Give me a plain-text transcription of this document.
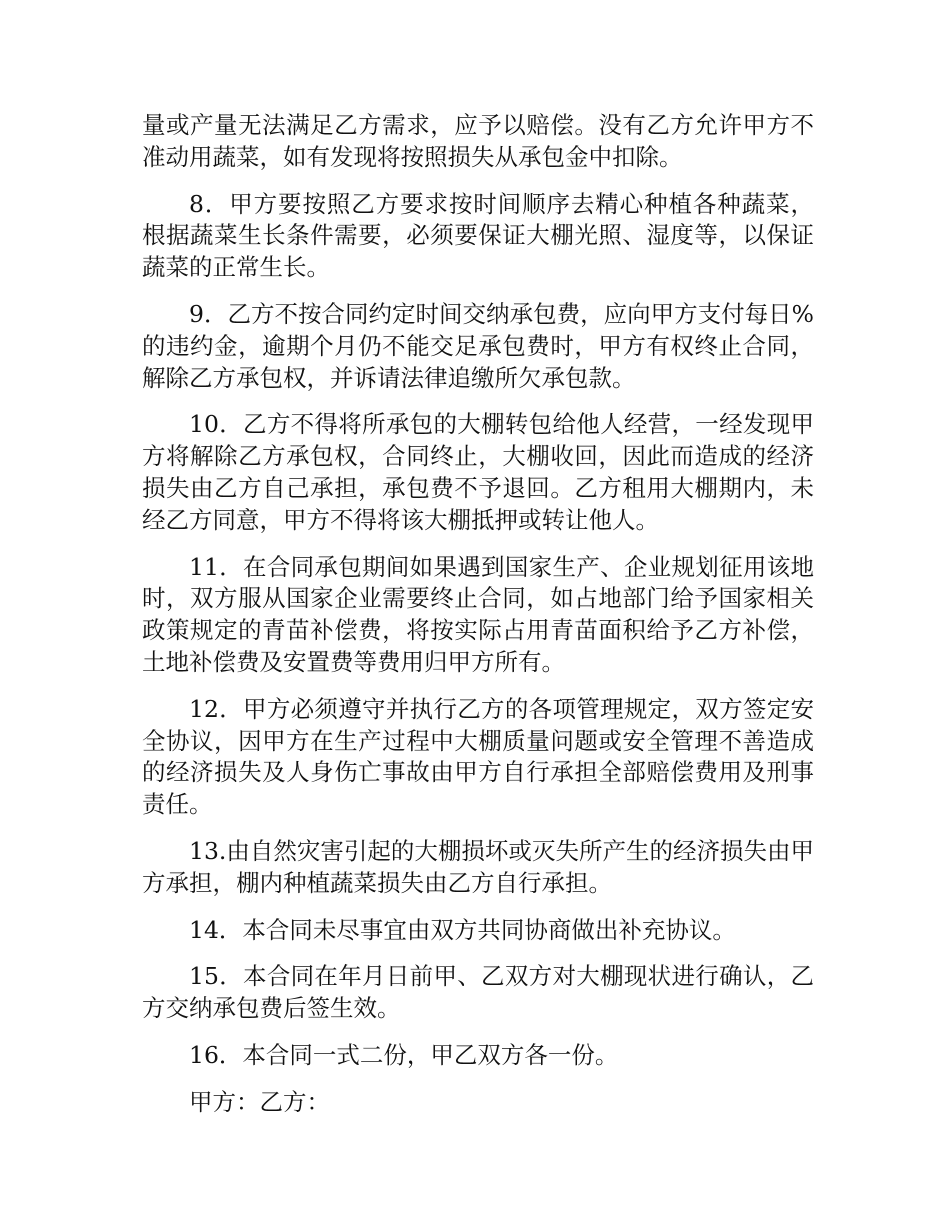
量或产量无法满足乙方需求，应予以赔偿。没有乙方允许甲方不准动用蔬菜，如有发现将按照损失从承包金中扣除。

8．甲方要按照乙方要求按时间顺序去精心种植各种蔬菜，根据蔬菜生长条件需要，必须要保证大棚光照、湿度等，以保证蔬菜的正常生长。

9．乙方不按合同约定时间交纳承包费，应向甲方支付每日%的违约金，逾期个月仍不能交足承包费时，甲方有权终止合同，解除乙方承包权，并诉请法律追缴所欠承包款。

10．乙方不得将所承包的大棚转包给他人经营，一经发现甲方将解除乙方承包权，合同终止，大棚收回，因此而造成的经济损失由乙方自己承担，承包费不予退回。乙方租用大棚期内，未经乙方同意，甲方不得将该大棚抵押或转让他人。

11．在合同承包期间如果遇到国家生产、企业规划征用该地时，双方服从国家企业需要终止合同，如占地部门给予国家相关政策规定的青苗补偿费，将按实际占用青苗面积给予乙方补偿，土地补偿费及安置费等费用归甲方所有。

12．甲方必须遵守并执行乙方的各项管理规定，双方签定安全协议，因甲方在生产过程中大棚质量问题或安全管理不善造成的经济损失及人身伤亡事故由甲方自行承担全部赔偿费用及刑事责任。

13.由自然灾害引起的大棚损坏或灭失所产生的经济损失由甲方承担，棚内种植蔬菜损失由乙方自行承担。

14．本合同未尽事宜由双方共同协商做出补充协议。

15．本合同在年月日前甲、乙双方对大棚现状进行确认，乙方交纳承包费后签生效。

16．本合同一式二份，甲乙双方各一份。

甲方：乙方：
